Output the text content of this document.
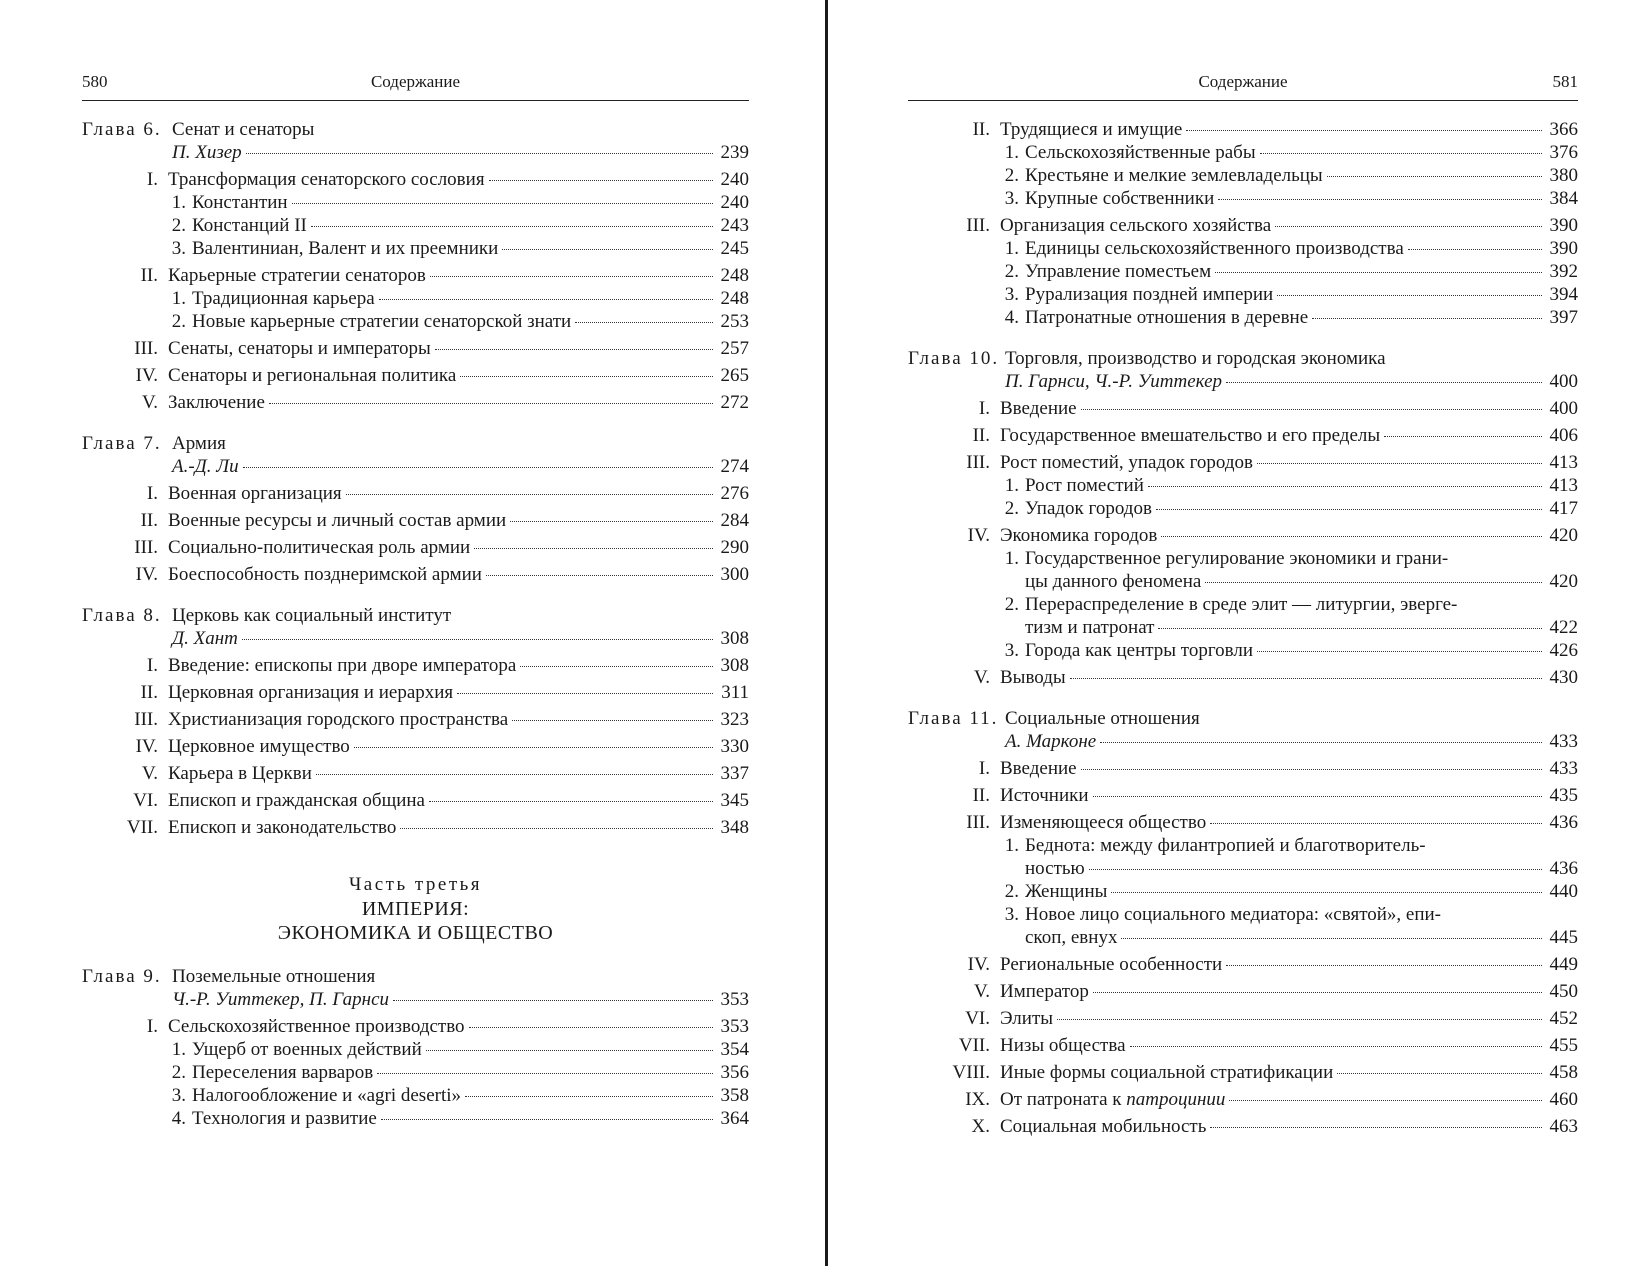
580	Содержание
Глава 6. Сенат и сенаторы
П. Хизер	239
I. Трансформация сенаторского сословия	240
1. Константин	240
2. Констанций II	243
3. Валентиниан, Валент и их преемники	245
II. Карьерные стратегии сенаторов	248
1. Традиционная карьера	248
2. Новые карьерные стратегии сенаторской знати	253
III. Сенаты, сенаторы и императоры	257
IV. Сенаторы и региональная политика	265
V. Заключение	272
Глава 7. Армия
А.-Д. Ли	274
I. Военная организация	276
II. Военные ресурсы и личный состав армии	284
III. Социально-политическая роль армии	290
IV. Боеспособность позднеримской армии	300
Глава 8. Церковь как социальный институт
Д. Хант	308
I. Введение: епископы при дворе императора	308
II. Церковная организация и иерархия	311
III. Христианизация городского пространства	323
IV. Церковное имущество	330
V. Карьера в Церкви	337
VI. Епископ и гражданская община	345
VII. Епископ и законодательство	348
Часть третья
ИМПЕРИЯ:
ЭКОНОМИКА И ОБЩЕСТВО
Глава 9. Поземельные отношения
Ч.-Р. Уиттекер, П. Гарнси	353
I. Сельскохозяйственное производство	353
1. Ущерб от военных действий	354
2. Переселения варваров	356
3. Налогообложение и «agri deserti»	358
4. Технология и развитие	364
Содержание	581
II. Трудящиеся и имущие	366
1. Сельскохозяйственные рабы	376
2. Крестьяне и мелкие землевладельцы	380
3. Крупные собственники	384
III. Организация сельского хозяйства	390
1. Единицы сельскохозяйственного производства	390
2. Управление поместьем	392
3. Рурализация поздней империи	394
4. Патронатные отношения в деревне	397
Глава 10. Торговля, производство и городская экономика
П. Гарнси, Ч.-Р. Уиттекер	400
I. Введение	400
II. Государственное вмешательство и его пределы	406
III. Рост поместий, упадок городов	413
1. Рост поместий	413
2. Упадок городов	417
IV. Экономика городов	420
1. Государственное регулирование экономики и грани-
цы данного феномена	420
2. Перераспределение в среде элит — литургии, эверге-
тизм и патронат	422
3. Города как центры торговли	426
V. Выводы	430
Глава 11. Социальные отношения
А. Марконе	433
I. Введение	433
II. Источники	435
III. Изменяющееся общество	436
1. Беднота: между филантропией и благотворитель-
ностью	436
2. Женщины	440
3. Новое лицо социального медиатора: «святой», епи-
скоп, евнух	445
IV. Региональные особенности	449
V. Император	450
VI. Элиты	452
VII. Низы общества	455
VIII. Иные формы социальной стратификации	458
IX. От патроната к патроцинии	460
X. Социальная мобильность	463
